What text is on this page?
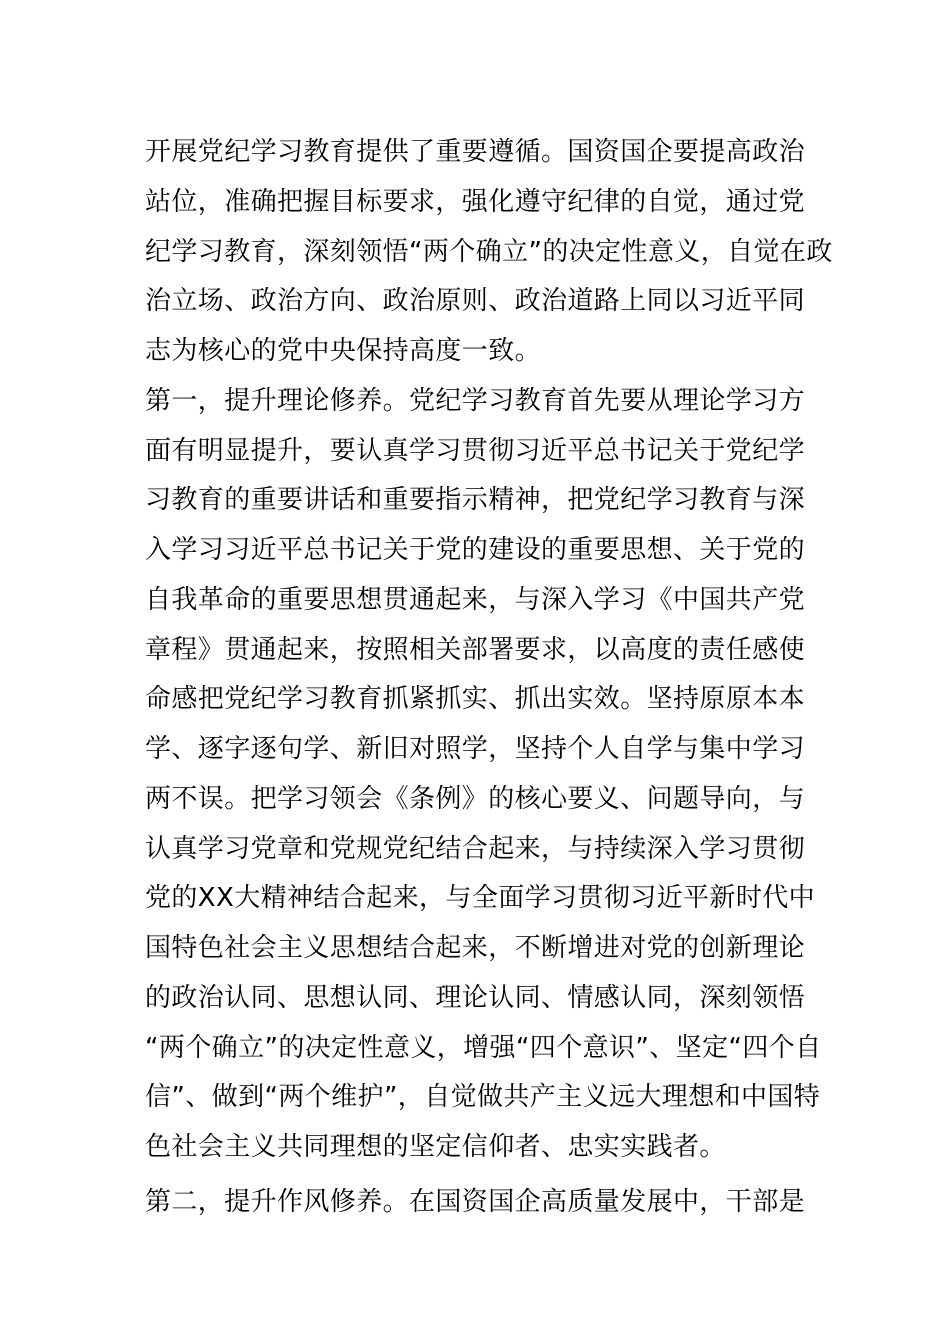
开展党纪学习教育提供了重要遵循。国资国企要提高政治
站位，准确把握目标要求，强化遵守纪律的自觉，通过党
纪学习教育，深刻领悟“两个确立”的决定性意义，自觉在政
治立场、政治方向、政治原则、政治道路上同以习近平同
志为核心的党中央保持高度一致。
第一，提升理论修养。党纪学习教育首先要从理论学习方
面有明显提升，要认真学习贯彻习近平总书记关于党纪学
习教育的重要讲话和重要指示精神，把党纪学习教育与深
入学习习近平总书记关于党的建设的重要思想、关于党的
自我革命的重要思想贯通起来，与深入学习《中国共产党
章程》贯通起来，按照相关部署要求，以高度的责任感使
命感把党纪学习教育抓紧抓实、抓出实效。坚持原原本本
学、逐字逐句学、新旧对照学，坚持个人自学与集中学习
两不误。把学习领会《条例》的核心要义、问题导向，与
认真学习党章和党规党纪结合起来，与持续深入学习贯彻
党的XX大精神结合起来，与全面学习贯彻习近平新时代中
国特色社会主义思想结合起来，不断增进对党的创新理论
的政治认同、思想认同、理论认同、情感认同，深刻领悟
“两个确立”的决定性意义，增强“四个意识”、坚定“四个自
信”、做到“两个维护”，自觉做共产主义远大理想和中国特
色社会主义共同理想的坚定信仰者、忠实实践者。
第二，提升作风修养。在国资国企高质量发展中，干部是
